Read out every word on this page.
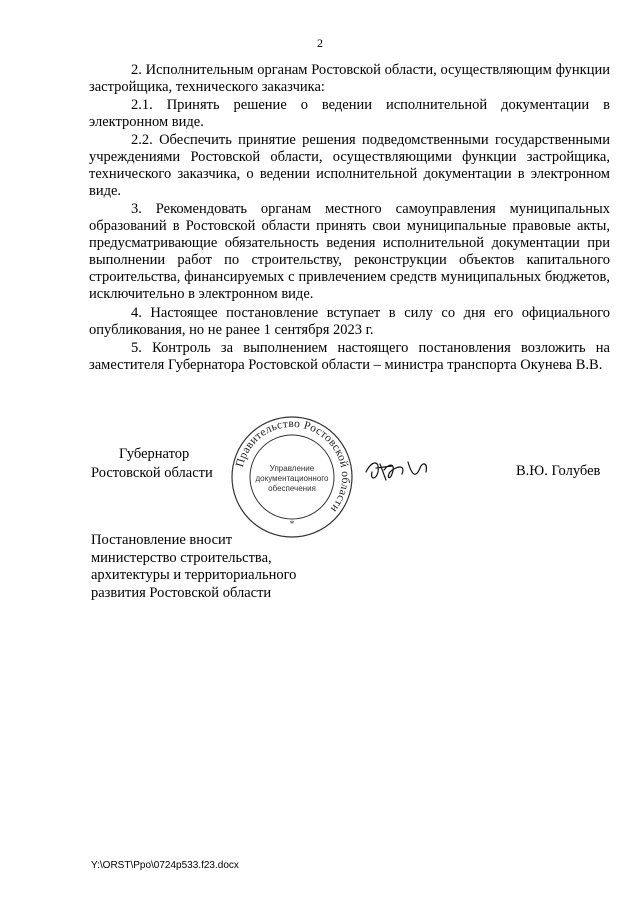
2

2. Исполнительным органам Ростовской области, осуществляющим функции застройщика, технического заказчика:

2.1. Принять решение о ведении исполнительной документации в электронном виде.

2.2. Обеспечить принятие решения подведомственными государственными учреждениями Ростовской области, осуществляющими функции застройщика, технического заказчика, о ведении исполнительной документации в электронном виде.

3. Рекомендовать органам местного самоуправления муниципальных образований в Ростовской области принять свои муниципальные правовые акты, предусматривающие обязательность ведения исполнительной документации при выполнении работ по строительству, реконструкции объектов капитального строительства, финансируемых с привлечением средств муниципальных бюджетов, исключительно в электронном виде.

4. Настоящее постановление вступает в силу со дня его официального опубликования, но не ранее 1 сентября 2023 г.

5. Контроль за выполнением настоящего постановления возложить на заместителя Губернатора Ростовской области – министра транспорта Окунева В.В.

Губернатор
Ростовской области
Правительство Ростовской области
Управление
документационного
обеспечения
*
В.Ю. Голубев
Постановление вносит
министерство строительства,
архитектуры и территориального
развития Ростовской области
Y:\ORST\Ppo\0724p533.f23.docx
